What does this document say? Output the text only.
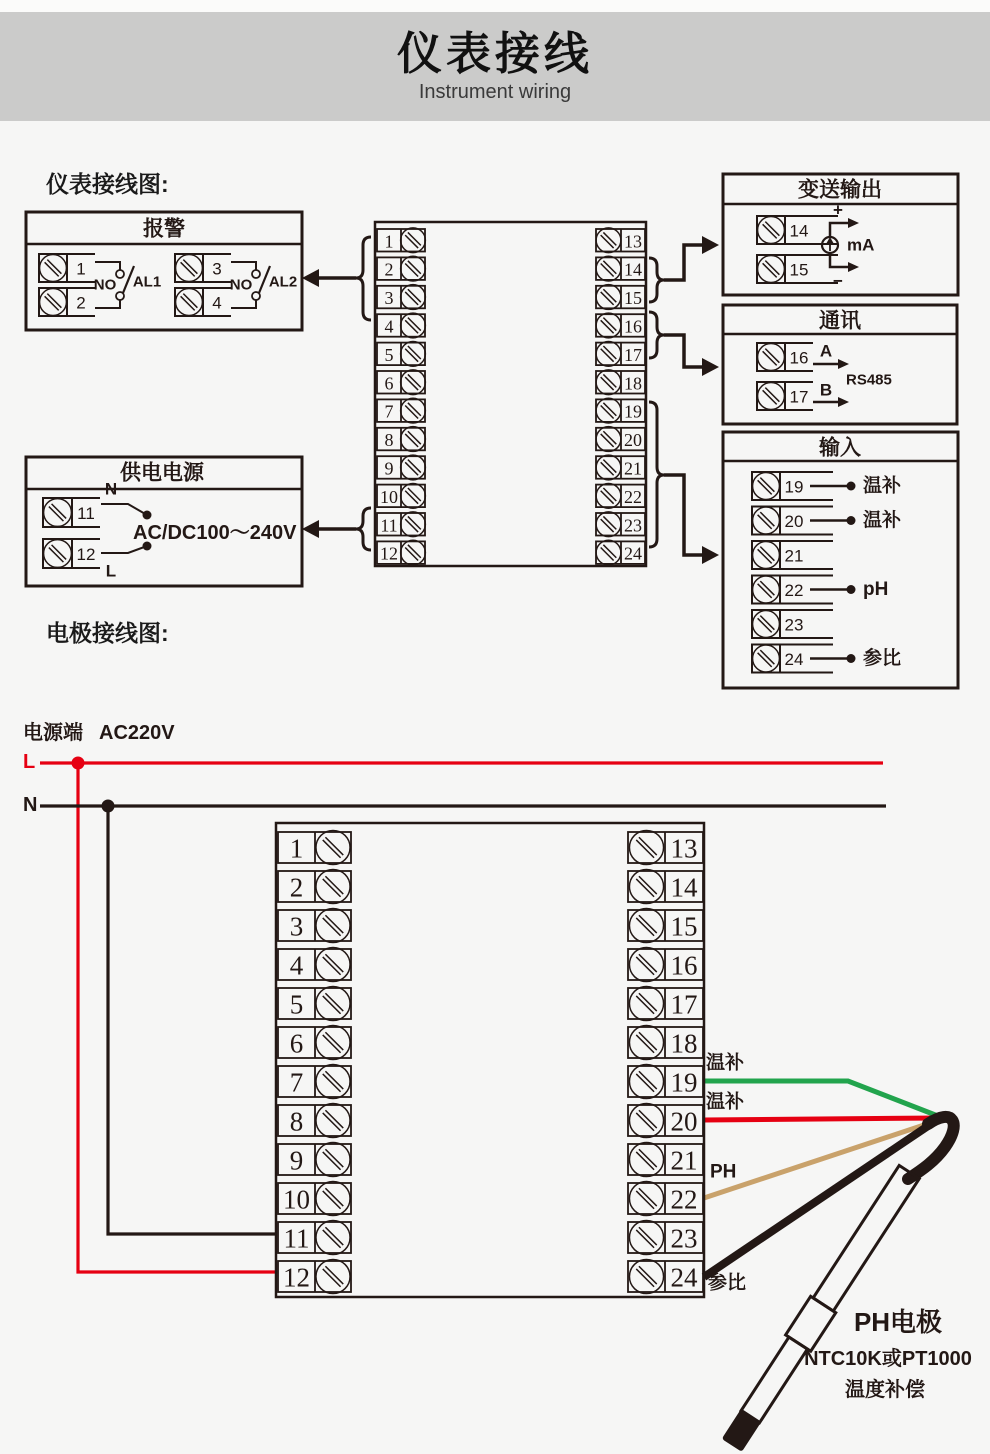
仪表接线
Instrument wiring
仪表接线图:
电极接线图:
报警
1
2
3
4
NO AL1	NO AL2
供电电源
11
12
N
L
AC/DC100～240V
变送输出
14
15
+
−
mA
通讯
16
17
A
B
RS485
输入
19
20
21
22
23
24
温补
温补
pH
参比
1
2
3
4
5
6
7
8
9
10
11
12
13
14
15
16
17
18
19
20
21
22
23
24
电源端 AC220V
L
N
1
2
3
4
5
6
7
8
9
10
11
12
13
14
15
16
17
18
19
20
21
22
23
24
温补
温补
PH
参比
PH电极
NTC10K或PT1000
温度补偿
